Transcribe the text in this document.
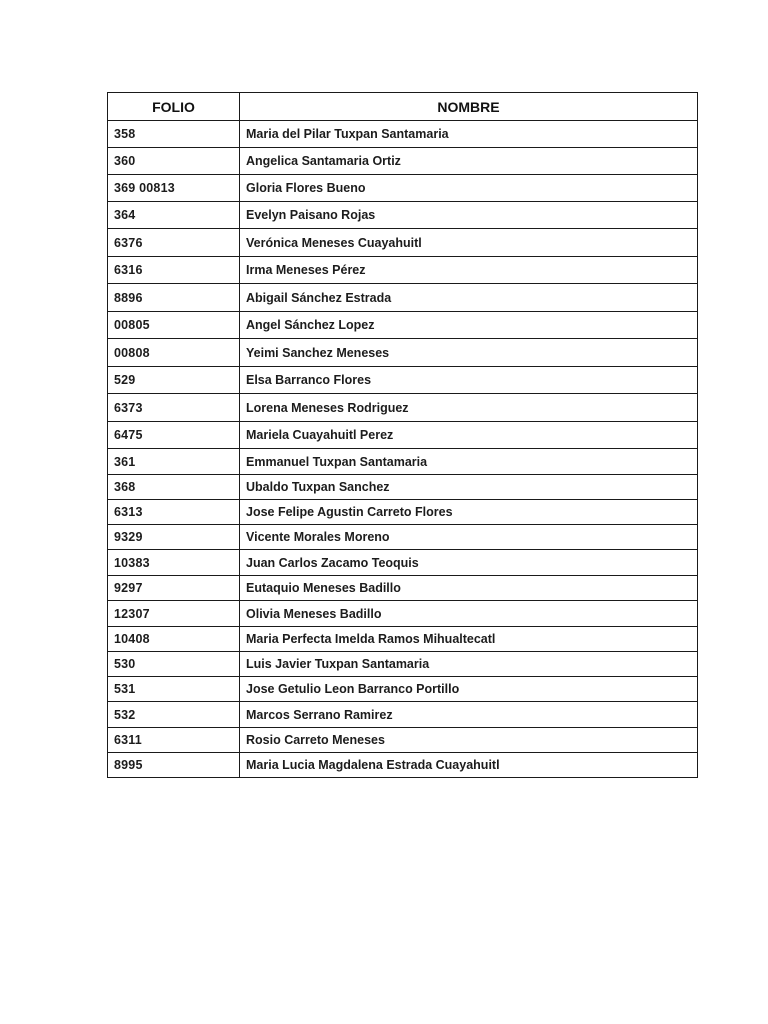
FOLIO	NOMBRE
358	Maria del Pilar Tuxpan Santamaria
360	Angelica Santamaria Ortiz
369 00813	Gloria Flores Bueno
364	Evelyn Paisano Rojas
6376	Verónica Meneses Cuayahuitl
6316	Irma Meneses Pérez
8896	Abigail Sánchez Estrada
00805	Angel Sánchez Lopez
00808	Yeimi Sanchez Meneses
529	Elsa Barranco Flores
6373	Lorena Meneses Rodriguez
6475	Mariela Cuayahuitl Perez
361	Emmanuel Tuxpan Santamaria
368	Ubaldo Tuxpan Sanchez
6313	Jose Felipe Agustin Carreto Flores
9329	Vicente Morales Moreno
10383	Juan Carlos Zacamo Teoquis
9297	Eutaquio Meneses Badillo
12307	Olivia Meneses Badillo
10408	Maria Perfecta Imelda Ramos Mihualtecatl
530	Luis Javier Tuxpan Santamaria
531	Jose Getulio Leon Barranco Portillo
532	Marcos Serrano Ramirez
6311	Rosio Carreto Meneses
8995	Maria Lucia Magdalena Estrada Cuayahuitl
